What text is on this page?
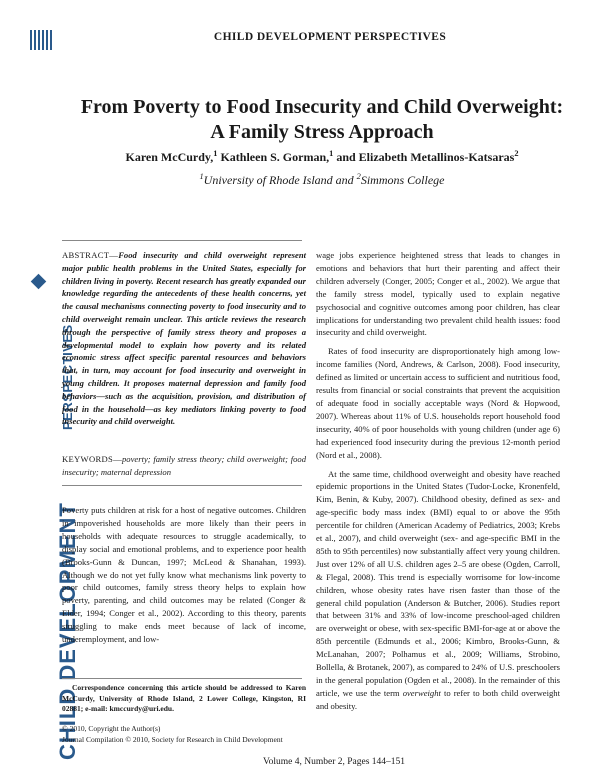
PERSPECTIVES
CHILD DEVELOPMENT
CHILD DEVELOPMENT PERSPECTIVES
From Poverty to Food Insecurity and Child Overweight:
A Family Stress Approach
Karen McCurdy,$^1$ Kathleen S. Gorman,$^1$ and Elizabeth Metallinos-Katsaras$^2$
$^1$University of Rhode Island and $^2$Simmons College
ABSTRACT—Food insecurity and child overweight represent major public health problems in the United States, especially for children living in poverty. Recent research has greatly expanded our knowledge regarding the antecedents of these health concerns, yet the causal mechanisms connecting poverty to food insecurity and to child overweight remain unclear. This article reviews the research through the perspective of family stress theory and proposes a developmental model to explain how poverty and its related economic stress affect specific parental resources and behaviors that, in turn, may account for food insecurity and overweight in young children. It proposes maternal depression and family food behaviors—such as the acquisition, provision, and distribution of food in the household—as key mediators linking poverty to food insecurity and child overweight.
KEYWORDS—poverty; family stress theory; child overweight; food insecurity; maternal depression
Poverty puts children at risk for a host of negative outcomes. Children in impoverished households are more likely than their peers in households with adequate resources to struggle academically, to display social and emotional problems, and to experience poor health (Brooks-Gunn & Duncan, 1997; McLeod & Shanahan, 1993). Although we do not yet fully know what mechanisms link poverty to poor child outcomes, family stress theory helps to explain how poverty, parenting, and child outcomes may be related (Conger & Elder, 1994; Conger et al., 2002). According to this theory, parents struggling to make ends meet because of lack of income, underemployment, and low-

wage jobs experience heightened stress that leads to changes in emotions and behaviors that hurt their parenting and affect their children adversely (Conger, 2005; Conger et al., 2002). We argue that the family stress model, typically used to explain negative psychosocial and cognitive outcomes among poor children, has clear implications for understanding two prevalent child health issues: food insecurity and child overweight.

Rates of food insecurity are disproportionately high among low-income families (Nord, Andrews, & Carlson, 2008). Food insecurity, defined as limited or uncertain access to sufficient and nutritious food, results from financial or social constraints that prevent the acquisition of adequate food in socially acceptable ways (Nord & Hopwood, 2007). Whereas about 11% of U.S. households report household food insecurity, 40% of poor households with young children (under age 6) had experienced food insecurity during the previous 12-month period (Nord et al., 2008).

At the same time, childhood overweight and obesity have reached epidemic proportions in the United States (Tudor-Locke, Kronenfeld, Kim, Benin, & Kuby, 2007). Childhood obesity, defined as sex- and age-specific body mass index (BMI) equal to or above the 95th percentile for children (American Academy of Pediatrics, 2003; Krebs et al., 2007), and child overweight (sex- and age-specific BMI in the 85th to 95th percentiles) now substantially affect very young children. Just over 12% of all U.S. children ages 2–5 are obese (Ogden, Carroll, & Flegal, 2008). This trend is especially worrisome for low-income children, whose obesity rates have risen faster than those of the general child population (Anderson & Butcher, 2006). Studies report that between 31% and 33% of low-income preschool-aged children are overweight or obese, with sex-specific BMI-for-age at or above the 85th percentile (Edmunds et al., 2006; Kimbro, Brooks-Gunn, & McLanahan, 2007; Polhamus et al., 2009; Williams, Strobino, Bollella, & Brotanek, 2007), as compared to 24% of U.S. preschoolers in the general population (Ogden et al., 2008). In the remainder of this article, we use the term overweight to refer to both child overweight and obesity.

Correspondence concerning this article should be addressed to Karen McCurdy, University of Rhode Island, 2 Lower College, Kingston, RI 02881; e-mail: kmccurdy@uri.edu.
© 2010, Copyright the Author(s)
Journal Compilation © 2010, Society for Research in Child Development
Volume 4, Number 2, Pages 144–151
